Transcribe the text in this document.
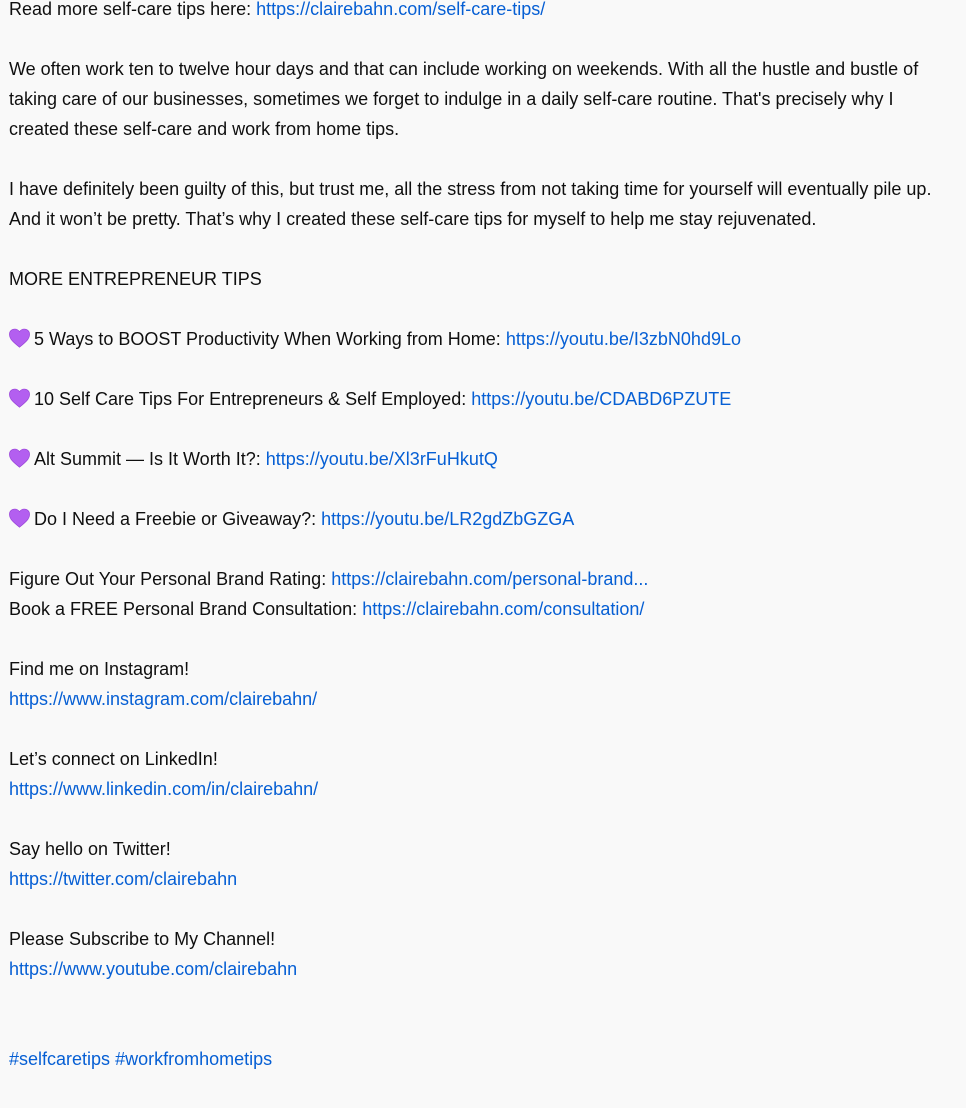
Read more self-care tips here: https://clairebahn.com/self-care-tips/
We often work ten to twelve hour days and that can include working on weekends. With all the hustle and bustle of taking care of our businesses, sometimes we forget to indulge in a daily self-care routine. That's precisely why I created these self-care and work from home tips.
I have definitely been guilty of this, but trust me, all the stress from not taking time for yourself will eventually pile up. And it won’t be pretty. That’s why I created these self-care tips for myself to help me stay rejuvenated.
MORE ENTREPRENEUR TIPS
5 Ways to BOOST Productivity When Working from Home: https://youtu.be/I3zbN0hd9Lo
10 Self Care Tips For Entrepreneurs & Self Employed: https://youtu.be/CDABD6PZUTE
Alt Summit — Is It Worth It?: https://youtu.be/Xl3rFuHkutQ
Do I Need a Freebie or Giveaway?: https://youtu.be/LR2gdZbGZGA
Figure Out Your Personal Brand Rating: https://clairebahn.com/personal-brand...
Book a FREE Personal Brand Consultation: https://clairebahn.com/consultation/
Find me on Instagram!
https://www.instagram.com/clairebahn/
Let’s connect on LinkedIn!
https://www.linkedin.com/in/clairebahn/
Say hello on Twitter!
https://twitter.com/clairebahn
Please Subscribe to My Channel!
https://www.youtube.com/clairebahn
#selfcaretips #workfromhometips
